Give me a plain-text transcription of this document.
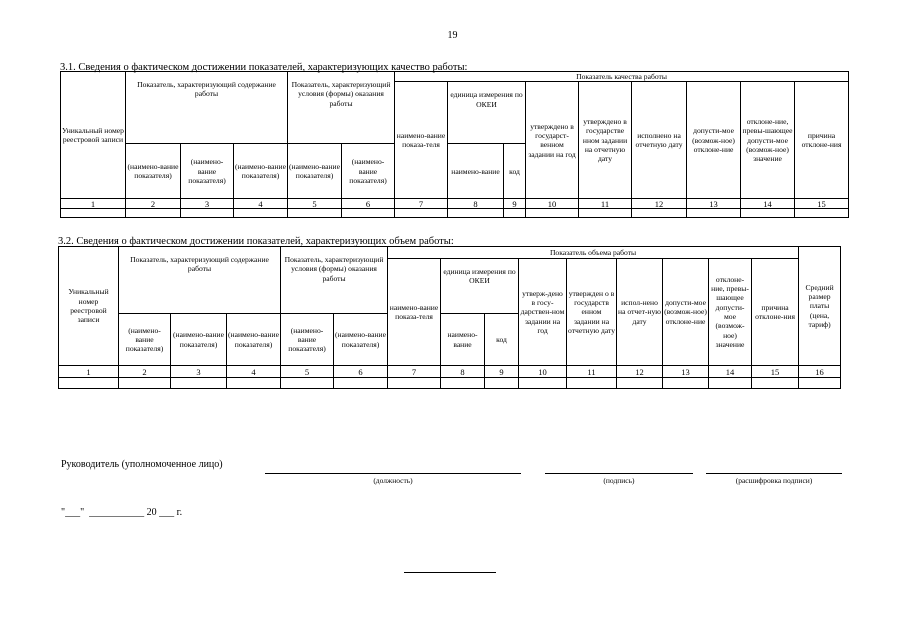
19
3.1. Сведения о фактическом достижении показателей, характеризующих качество работы:
Уникальный номер реестровой записи	Показатель, характеризующий содержание работы			Показатель, характеризующий условия (формы) оказания работы		Показатель качества работы								
						наимено-вание показа-теля	единица измерения по ОКЕИ		утверждено в государст-венном задании на год	утверждено в государстве нном задании на отчетную дату	исполнено на отчетную дату	допусти-мое (возмож-ное) отклоне-ние	отклоне-ние, превы-шающее допусти-мое (возмож-ное) значение	причина отклоне-ния
	(наимено-вание показателя)	(наимено-вание показателя)	(наимено-вание показателя)	(наимено-вание показателя)	(наимено-вание показателя)		наимено-вание	код						
1	2	3	4	5	6	7	8	9	10	11	12	13	14	15

3.2. Сведения о фактическом достижении показателей, характеризующих объем работы:
Уникальный номер реестровой записи	Показатель, характеризующий содержание работы			Показатель, характеризующий условия (формы) оказания работы		Показатель объема работы									Средний размер платы (цена, тариф)
						наимено-вание показа-теля	единица измерения по ОКЕИ		утверж-дено в госу-дарствен-ном задании на год	утвержден о в государств енном задании на отчетную дату	испол-нено на отчет-ную дату	допусти-мое (возмож-ное) отклоне-ние	отклоне-ние, превы-шающее допусти-мое (возмож-ное) значение	причина отклоне-ния	
	(наимено-вание показателя)	(наимено-вание показателя)	(наимено-вание показателя)	(наимено-вание показателя)	(наимено-вание показателя)		наимено-вание	код							
1	2	3	4	5	6	7	8	9	10	11	12	13	14	15	16

Руководитель (уполномоченное лицо)
(должность)	(подпись)	(расшифровка подписи)
"___"  ___________ 20 ___ г.
